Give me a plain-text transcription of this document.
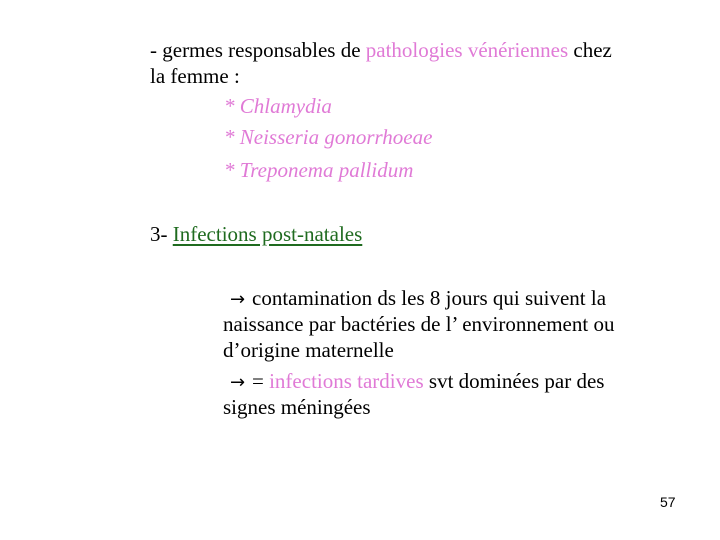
- germes responsables de pathologies vénériennes chez
la femme :
* Chlamydia
* Neisseria gonorrhoeae
* Treponema pallidum
3- Infections post-natales
→ contamination ds les 8 jours qui suivent la
naissance par bactéries de l’ environnement ou
d’origine maternelle
→ = infections tardives svt dominées par des
signes méningées
57
